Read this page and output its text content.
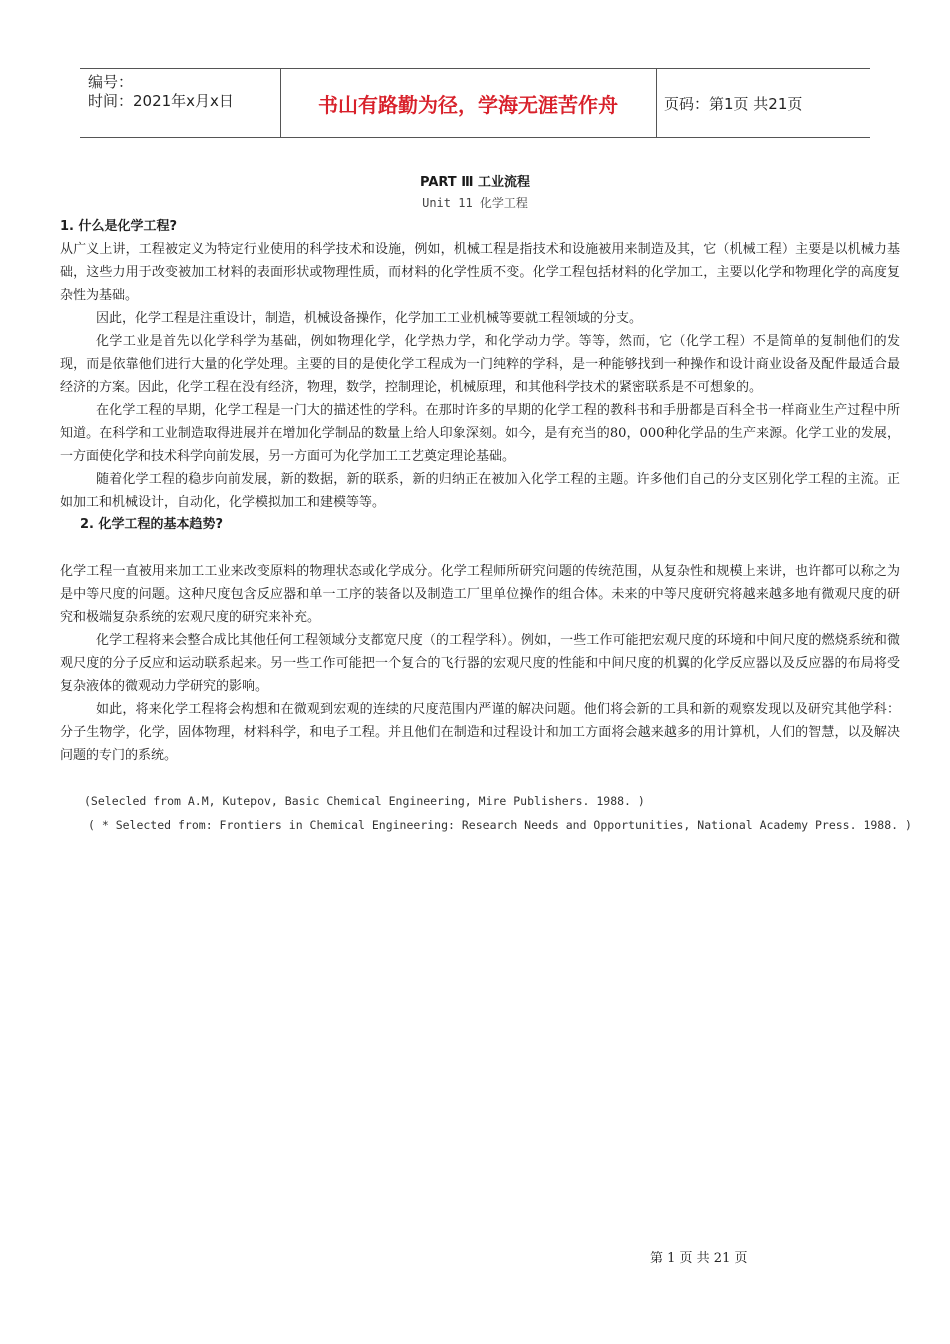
编号：
时间：2021年x月x日	书山有路勤为径，学海无涯苦作舟	页码：第1页 共21页
PART Ⅲ 工业流程
Unit 11 化学工程
1. 什么是化学工程?

从广义上讲，工程被定义为特定行业使用的科学技术和设施，例如，机械工程是指技术和设施被用来制造及其，它（机械工程）主要是以机械力基础，这些力用于改变被加工材料的表面形状或物理性质，而材料的化学性质不变。化学工程包括材料的化学加工，主要以化学和物理化学的高度复杂性为基础。

因此，化学工程是注重设计，制造，机械设备操作，化学加工工业机械等要就工程领域的分支。

化学工业是首先以化学科学为基础，例如物理化学，化学热力学，和化学动力学。等等，然而，它（化学工程）不是简单的复制他们的发现，而是依靠他们进行大量的化学处理。主要的目的是使化学工程成为一门纯粹的学科，是一种能够找到一种操作和设计商业设备及配件最适合最经济的方案。因此，化学工程在没有经济，物理，数学，控制理论，机械原理，和其他科学技术的紧密联系是不可想象的。

在化学工程的早期，化学工程是一门大的描述性的学科。在那时许多的早期的化学工程的教科书和手册都是百科全书一样商业生产过程中所知道。在科学和工业制造取得进展并在增加化学制品的数量上给人印象深刻。如今，是有充当的80，000种化学品的生产来源。化学工业的发展，一方面使化学和技术科学向前发展，另一方面可为化学加工工艺奠定理论基础。

随着化学工程的稳步向前发展，新的数据，新的联系，新的归纳正在被加入化学工程的主题。许多他们自己的分支区别化学工程的主流。正如加工和机械设计，自动化，化学模拟加工和建模等等。

2. 化学工程的基本趋势?

化学工程一直被用来加工工业来改变原料的物理状态或化学成分。化学工程师所研究问题的传统范围，从复杂性和规模上来讲，也许都可以称之为是中等尺度的问题。这种尺度包含反应器和单一工序的装备以及制造工厂里单位操作的组合体。未来的中等尺度研究将越来越多地有微观尺度的研究和极端复杂系统的宏观尺度的研究来补充。

化学工程将来会整合成比其他任何工程领域分支都宽尺度（的工程学科）。例如，一些工作可能把宏观尺度的环境和中间尺度的燃烧系统和微观尺度的分子反应和运动联系起来。另一些工作可能把一个复合的飞行器的宏观尺度的性能和中间尺度的机翼的化学反应器以及反应器的布局将受复杂液体的微观动力学研究的影响。

如此，将来化学工程将会构想和在微观到宏观的连续的尺度范围内严谨的解决问题。他们将会新的工具和新的观察发现以及研究其他学科：分子生物学，化学，固体物理，材料科学，和电子工程。并且他们在制造和过程设计和加工方面将会越来越多的用计算机，人们的智慧，以及解决问题的专门的系统。

(Selecled from A.M, Kutepov, Basic Chemical Engineering, Mire Publishers. 1988. )
( * Selected from: Frontiers in Chemical Engineering: Research Needs and Opportunities, National Academy Press. 1988. )
第 1 页 共 21 页
